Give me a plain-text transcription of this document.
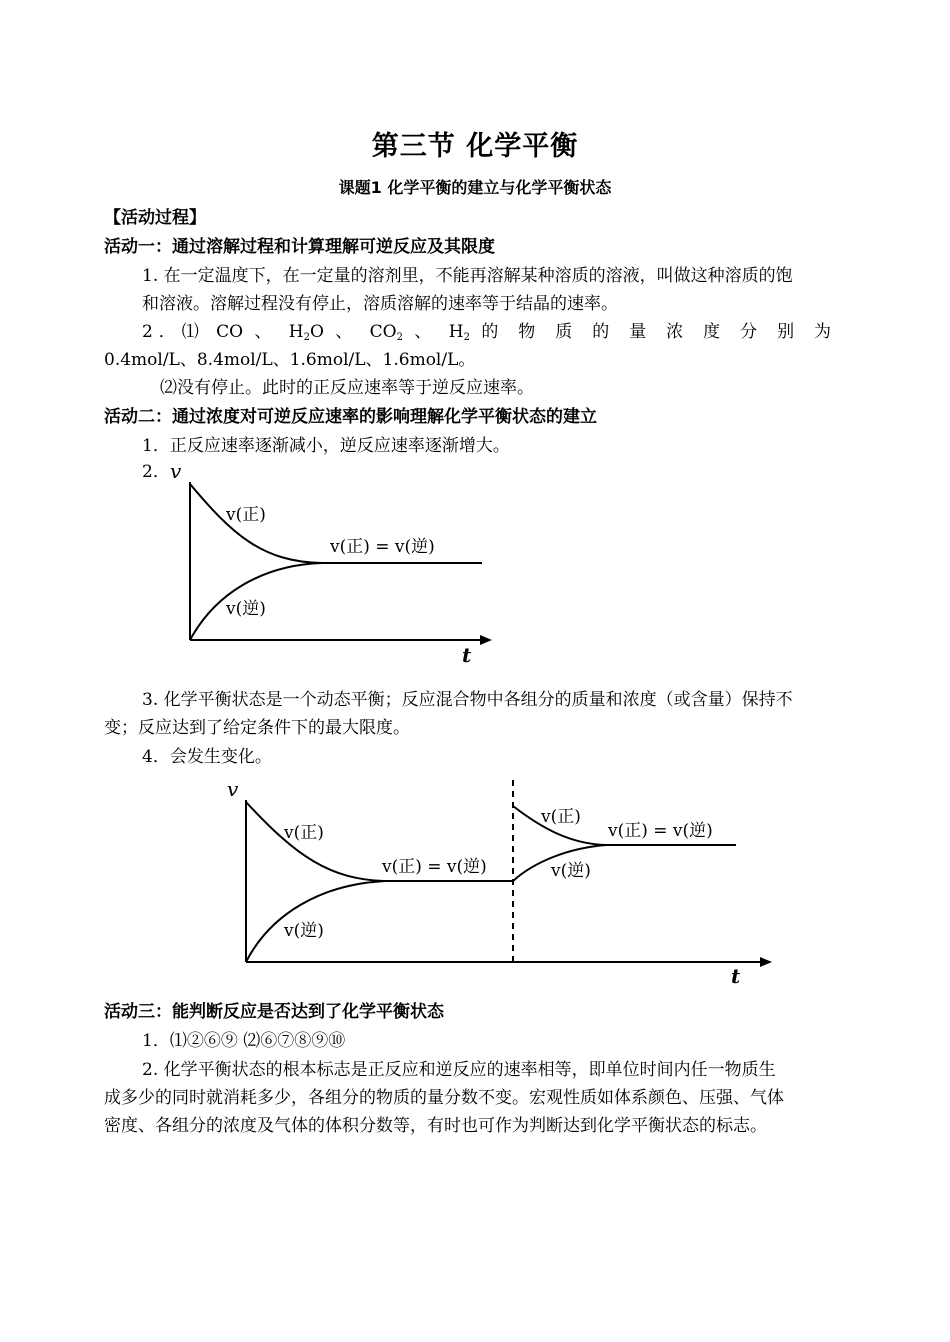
第三节 化学平衡
课题1 化学平衡的建立与化学平衡状态
【活动过程】
活动一：通过溶解过程和计算理解可逆反应及其限度
1. 在一定温度下，在一定量的溶剂里，不能再溶解某种溶质的溶液，叫做这种溶质的饱
和溶液。溶解过程没有停止，溶质溶解的速率等于结晶的速率。
2．⑴ CO 、 $H_2O$ 、 $CO_2$ 、 $H_2$ 的物质的量浓度分别为
0.4mol/L、8.4mol/L、1.6mol/L、1.6mol/L。
⑵没有停止。此时的正反应速率等于逆反应速率。
活动二：通过浓度对可逆反应速率的影响理解化学平衡状态的建立
1．正反应速率逐渐减小，逆反应速率逐渐增大。
2． v
t
v(正)
v(正) = v(逆)
v(逆)
3. 化学平衡状态是一个动态平衡；反应混合物中各组分的质量和浓度（或含量）保持不
变；反应达到了给定条件下的最大限度。
4．会发生变化。
v
t
v(正)
v(正) = v(逆)
v(逆)
v(正)
v(正) = v(逆)
v(逆)
活动三：能判断反应是否达到了化学平衡状态
1．⑴②⑥⑨ ⑵⑥⑦⑧⑨⑩
2. 化学平衡状态的根本标志是正反应和逆反应的速率相等，即单位时间内任一物质生
成多少的同时就消耗多少，各组分的物质的量分数不变。宏观性质如体系颜色、压强、气体
密度、各组分的浓度及气体的体积分数等，有时也可作为判断达到化学平衡状态的标志。
